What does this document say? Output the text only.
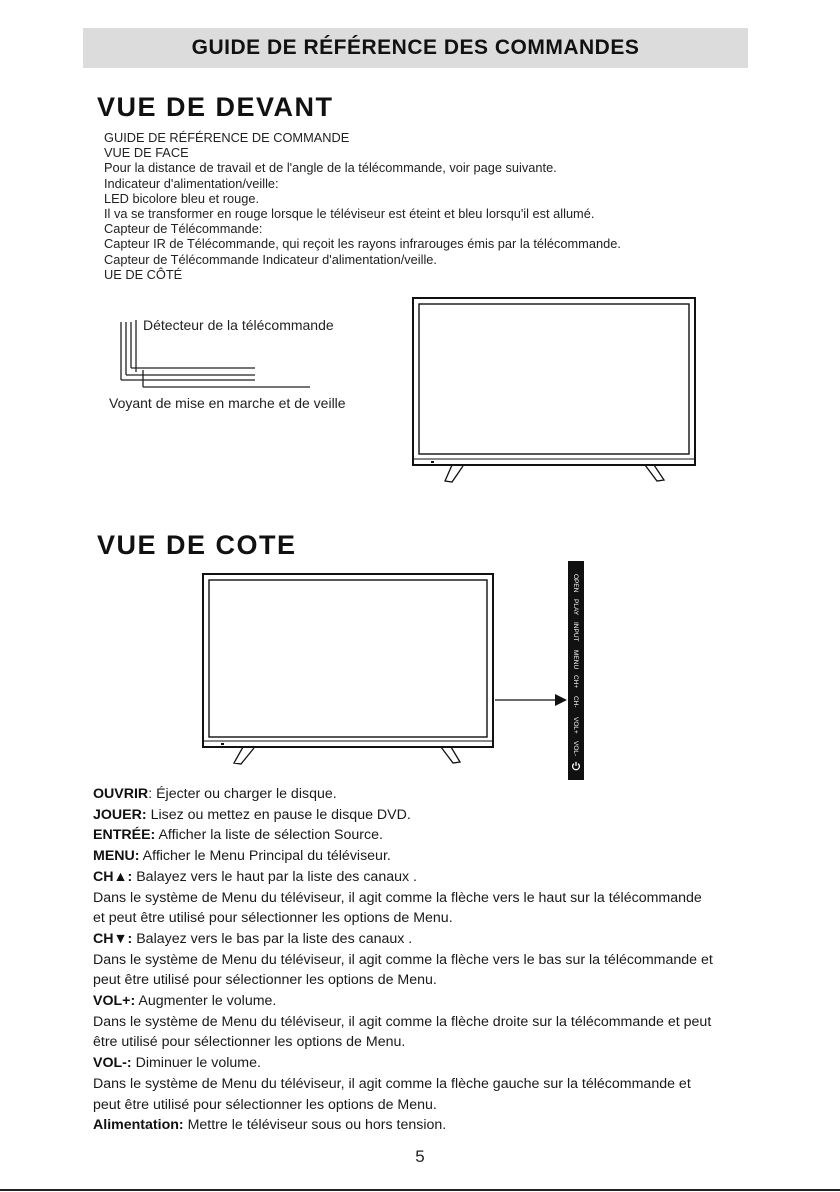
GUIDE DE RÉFÉRENCE DES COMMANDES
VUE DE DEVANT
GUIDE DE RÉFÉRENCE DE COMMANDE
VUE DE FACE
Pour la distance de travail et de l'angle de la télécommande, voir page suivante.
Indicateur d'alimentation/veille:
LED bicolore bleu et rouge.
Il va se transformer en rouge lorsque le téléviseur est éteint et bleu lorsqu'il est allumé.
Capteur de Télécommande:
Capteur IR de Télécommande, qui reçoit les rayons infrarouges émis par la télécommande.
Capteur de Télécommande Indicateur d'alimentation/veille.
UE DE CÔTÉ
Détecteur de la télécommande
Voyant de mise en marche et de veille
VUE DE COTE
OPEN
PLAY
INPUT
MENU
CH+
CH-
VOL+
VOL-
OUVRIR: Éjecter ou charger le disque.
JOUER: Lisez ou mettez en pause le disque DVD.
ENTRÉE: Afficher la liste de sélection Source.
MENU: Afficher le Menu Principal du téléviseur.
CH▲: Balayez vers le haut par la liste des canaux .
Dans le système de Menu du téléviseur, il agit comme la flèche vers le haut sur la télécommande
et peut être utilisé pour sélectionner les options de Menu.
CH▼: Balayez vers le bas par la liste des canaux .
Dans le système de Menu du téléviseur, il agit comme la flèche vers le bas sur la télécommande et
peut être utilisé pour sélectionner les options de Menu.
VOL+: Augmenter le volume.
Dans le système de Menu du téléviseur, il agit comme la flèche droite sur la télécommande et peut
être utilisé pour sélectionner les options de Menu.
VOL-: Diminuer le volume.
Dans le système de Menu du téléviseur, il agit comme la flèche gauche sur la télécommande et
peut être utilisé pour sélectionner les options de Menu.
Alimentation: Mettre le téléviseur sous ou hors tension.
5
